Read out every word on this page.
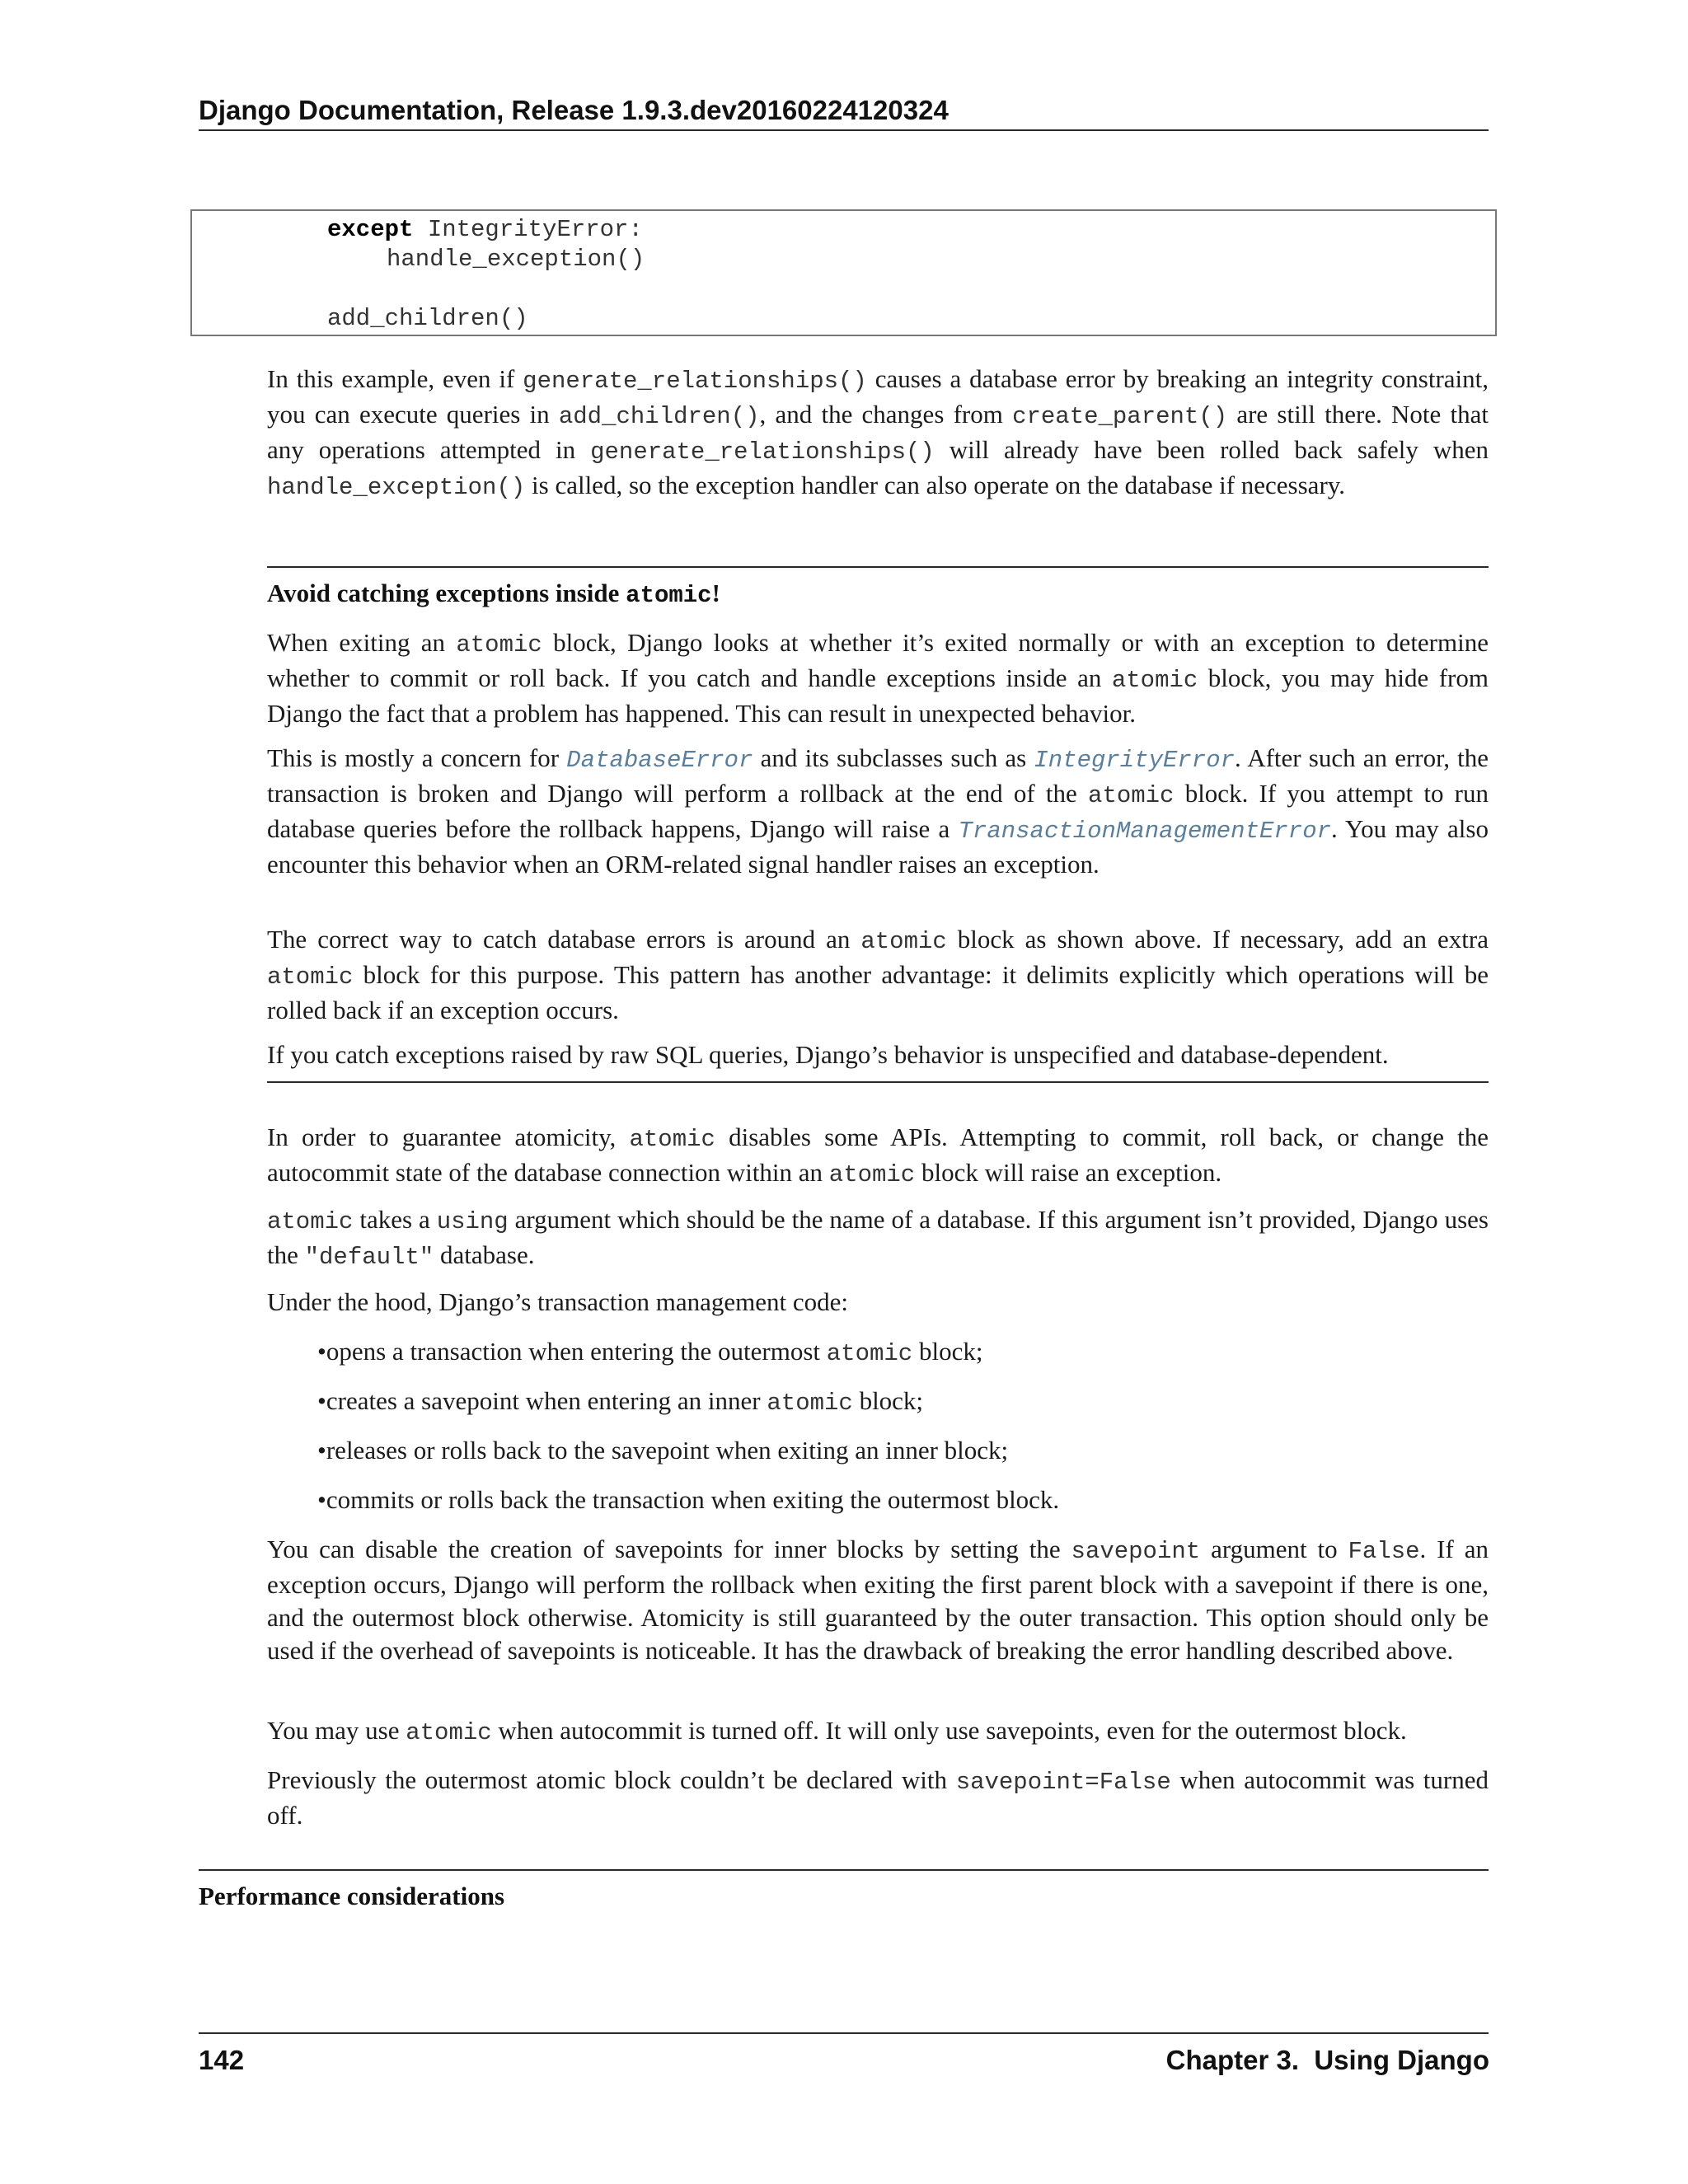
Django Documentation, Release 1.9.3.dev20160224120324
except IntegrityError:
handle_exception()
add_children()

In this example, even if generate_relationships() causes a database error by breaking an integrity constraint, you can execute queries in add_children(), and the changes from create_parent() are still there. Note that any operations attempted in generate_relationships() will already have been rolled back safely when handle_exception() is called, so the exception handler can also operate on the database if necessary.

Avoid catching exceptions inside atomic!

When exiting an atomic block, Django looks at whether it’s exited normally or with an exception to determine whether to commit or roll back. If you catch and handle exceptions inside an atomic block, you may hide from Django the fact that a problem has happened. This can result in unexpected behavior.

This is mostly a concern for DatabaseError and its subclasses such as IntegrityError. After such an error, the transaction is broken and Django will perform a rollback at the end of the atomic block. If you attempt to run database queries before the rollback happens, Django will raise a TransactionManagementError. You may also encounter this behavior when an ORM-related signal handler raises an exception.

The correct way to catch database errors is around an atomic block as shown above. If necessary, add an extra atomic block for this purpose. This pattern has another advantage: it delimits explicitly which operations will be rolled back if an exception occurs.

If you catch exceptions raised by raw SQL queries, Django’s behavior is unspecified and database-dependent.

In order to guarantee atomicity, atomic disables some APIs. Attempting to commit, roll back, or change the autocommit state of the database connection within an atomic block will raise an exception.

atomic takes a using argument which should be the name of a database. If this argument isn’t provided, Django uses the "default" database.

Under the hood, Django’s transaction management code:

•opens a transaction when entering the outermost atomic block;
•creates a savepoint when entering an inner atomic block;
•releases or rolls back to the savepoint when exiting an inner block;
•commits or rolls back the transaction when exiting the outermost block.

You can disable the creation of savepoints for inner blocks by setting the savepoint argument to False. If an exception occurs, Django will perform the rollback when exiting the first parent block with a savepoint if there is one, and the outermost block otherwise. Atomicity is still guaranteed by the outer transaction. This option should only be used if the overhead of savepoints is noticeable. It has the drawback of breaking the error handling described above.

You may use atomic when autocommit is turned off. It will only use savepoints, even for the outermost block.

Previously the outermost atomic block couldn’t be declared with savepoint=False when autocommit was turned off.

Performance considerations
142	Chapter 3.  Using Django
